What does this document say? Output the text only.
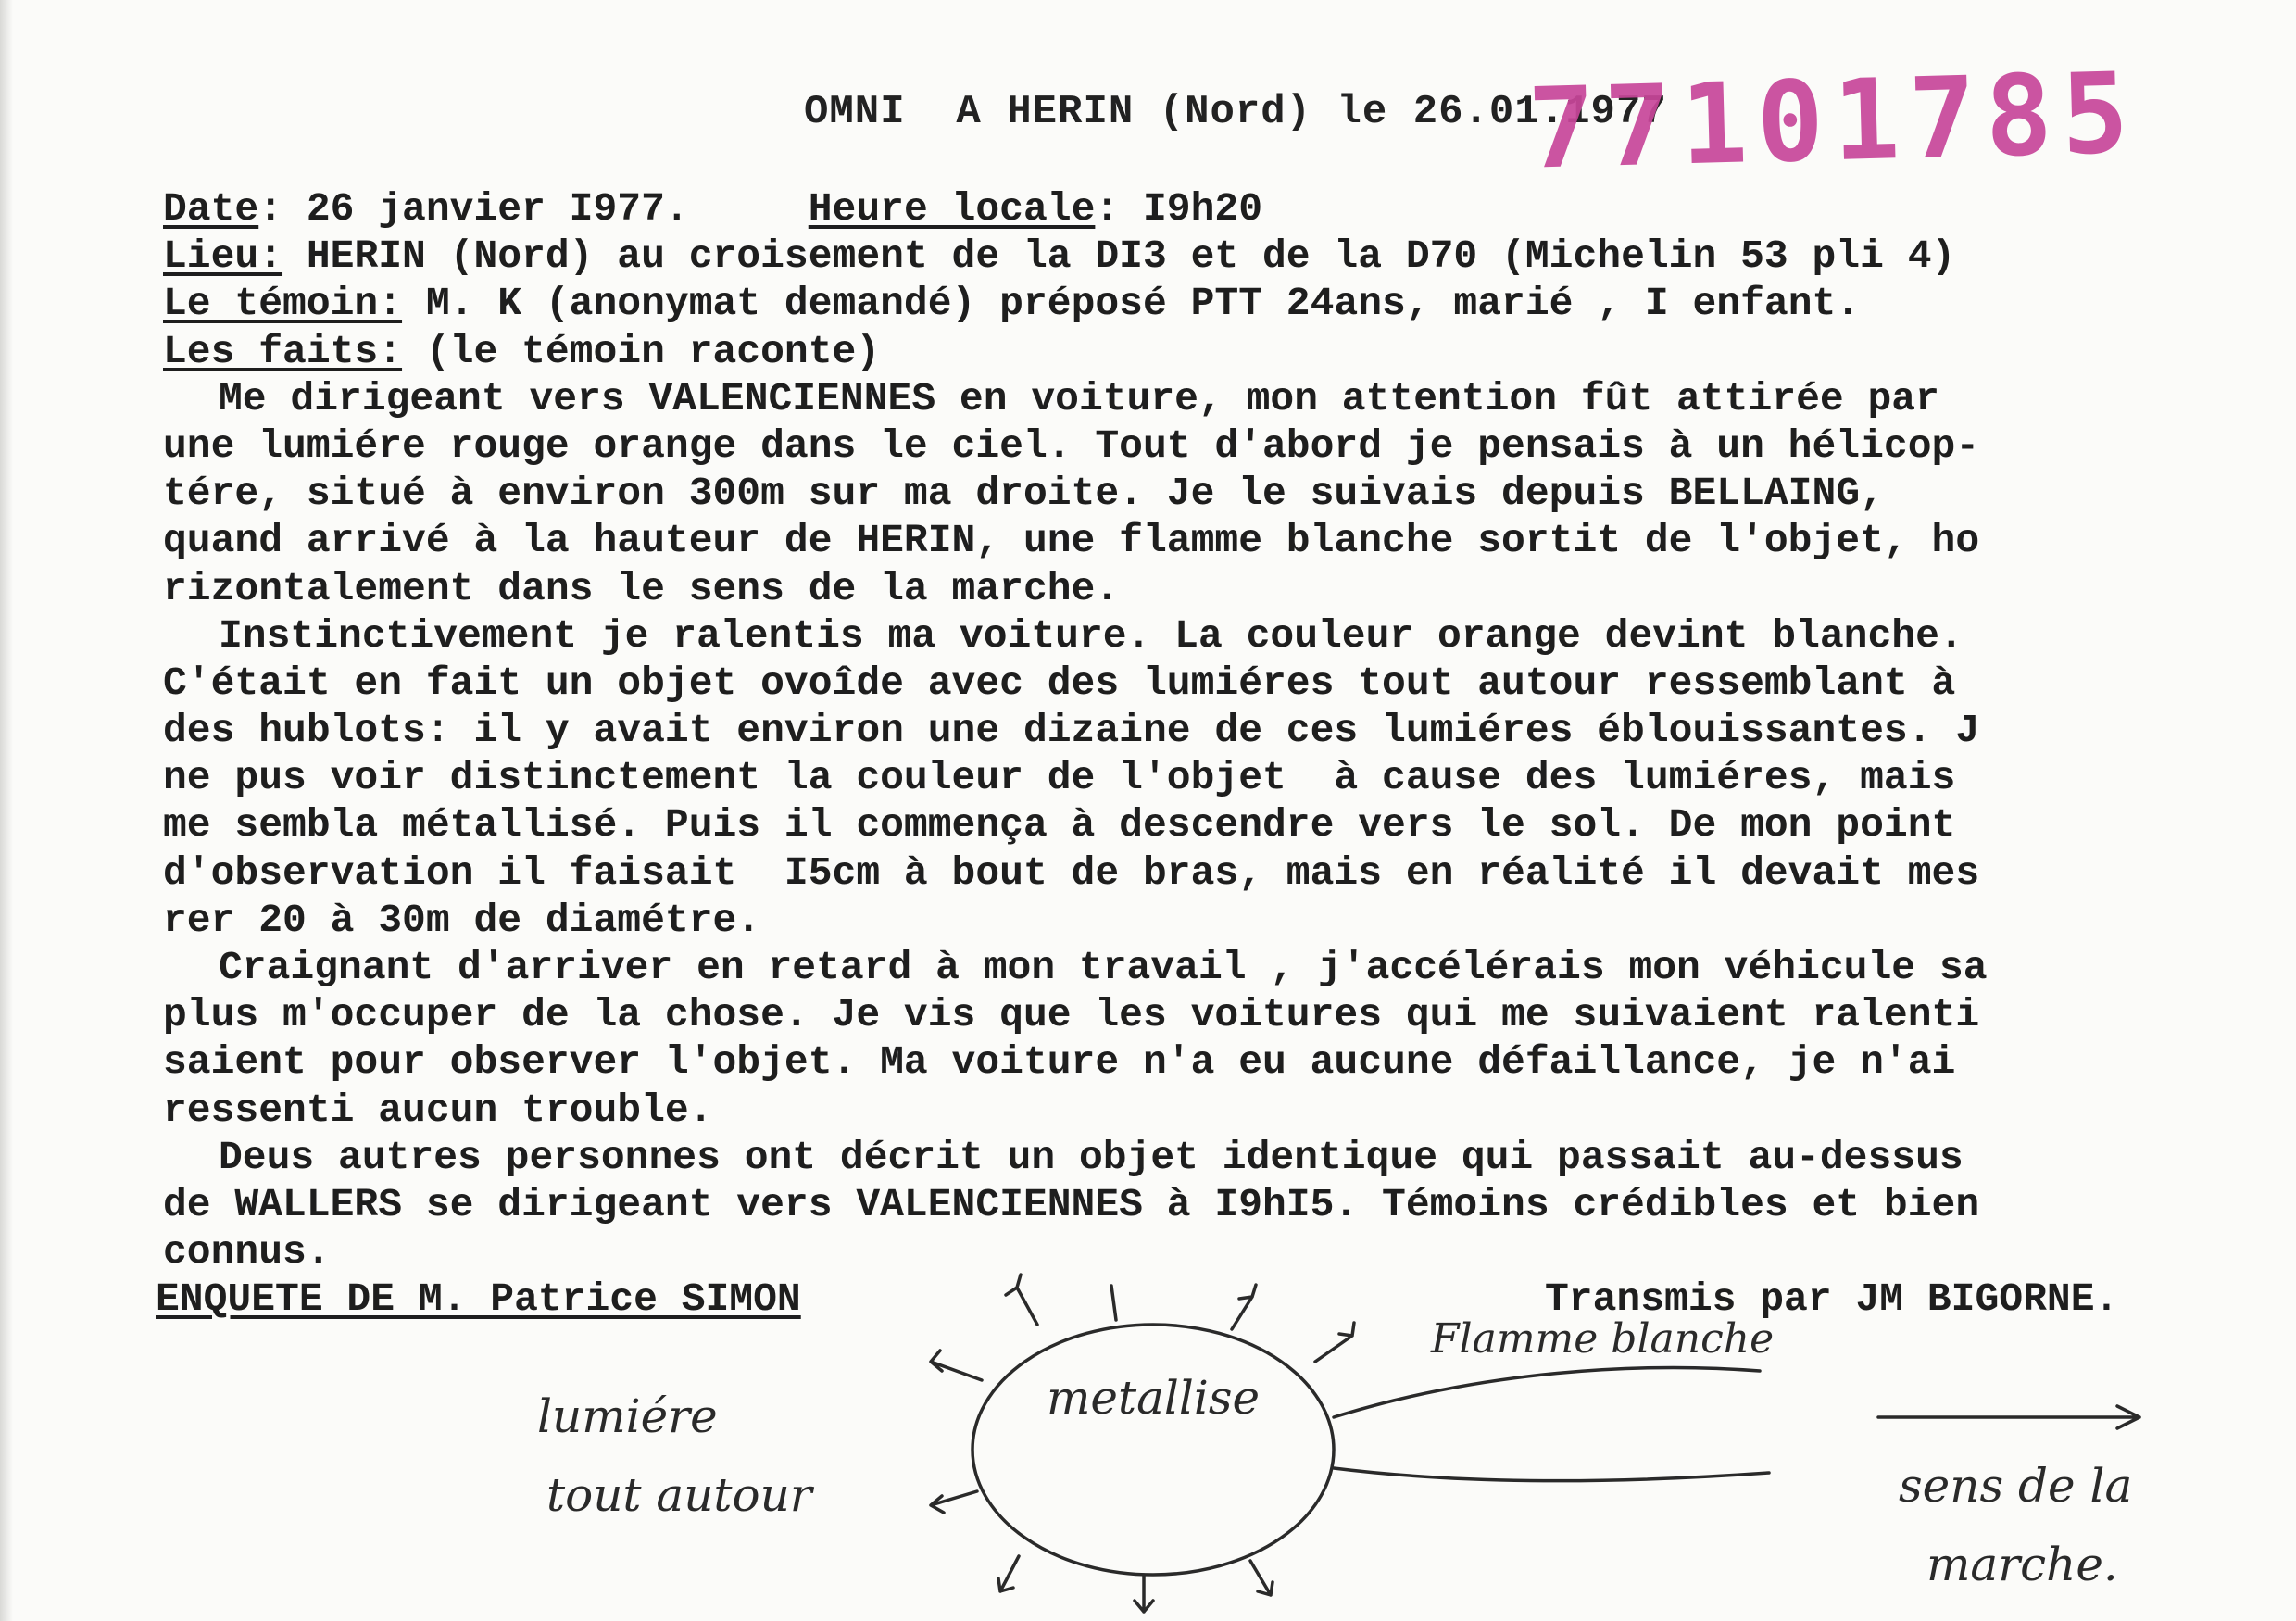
OMNI  A HERIN (Nord) le 26.01.1977
77101785
Date: 26 janvier I977.	Heure locale: I9h20
Lieu: HERIN (Nord) au croisement de la DI3 et de la D70 (Michelin 53 pli 4)
Le témoin: M. K (anonymat demandé) préposé PTT 24ans, marié , I enfant.
Les faits: (le témoin raconte)
Me dirigeant vers VALENCIENNES en voiture, mon attention fût attirée par
une lumiére rouge orange dans le ciel. Tout d'abord je pensais à un hélicop-
tére, situé à environ 300m sur ma droite. Je le suivais depuis BELLAING,
quand arrivé à la hauteur de HERIN, une flamme blanche sortit de l'objet, ho
rizontalement dans le sens de la marche.
Instinctivement je ralentis ma voiture. La couleur orange devint blanche.
C'était en fait un objet ovoîde avec des lumiéres tout autour ressemblant à
des hublots: il y avait environ une dizaine de ces lumiéres éblouissantes. J
ne pus voir distinctement la couleur de l'objet  à cause des lumiéres, mais
me sembla métallisé. Puis il commença à descendre vers le sol. De mon point
d'observation il faisait  I5cm à bout de bras, mais en réalité il devait mes
rer 20 à 30m de diamétre.
Craignant d'arriver en retard à mon travail , j'accélérais mon véhicule sa
plus m'occuper de la chose. Je vis que les voitures qui me suivaient ralenti
saient pour observer l'objet. Ma voiture n'a eu aucune défaillance, je n'ai
ressenti aucun trouble.
Deus autres personnes ont décrit un objet identique qui passait au-dessus
de WALLERS se dirigeant vers VALENCIENNES à I9hI5. Témoins crédibles et bien
connus.
ENQUETE DE M. Patrice SIMON	Transmis par JM BIGORNE.
metallise
Flamme blanche
lumiére
tout autour	sens de la
marche.
